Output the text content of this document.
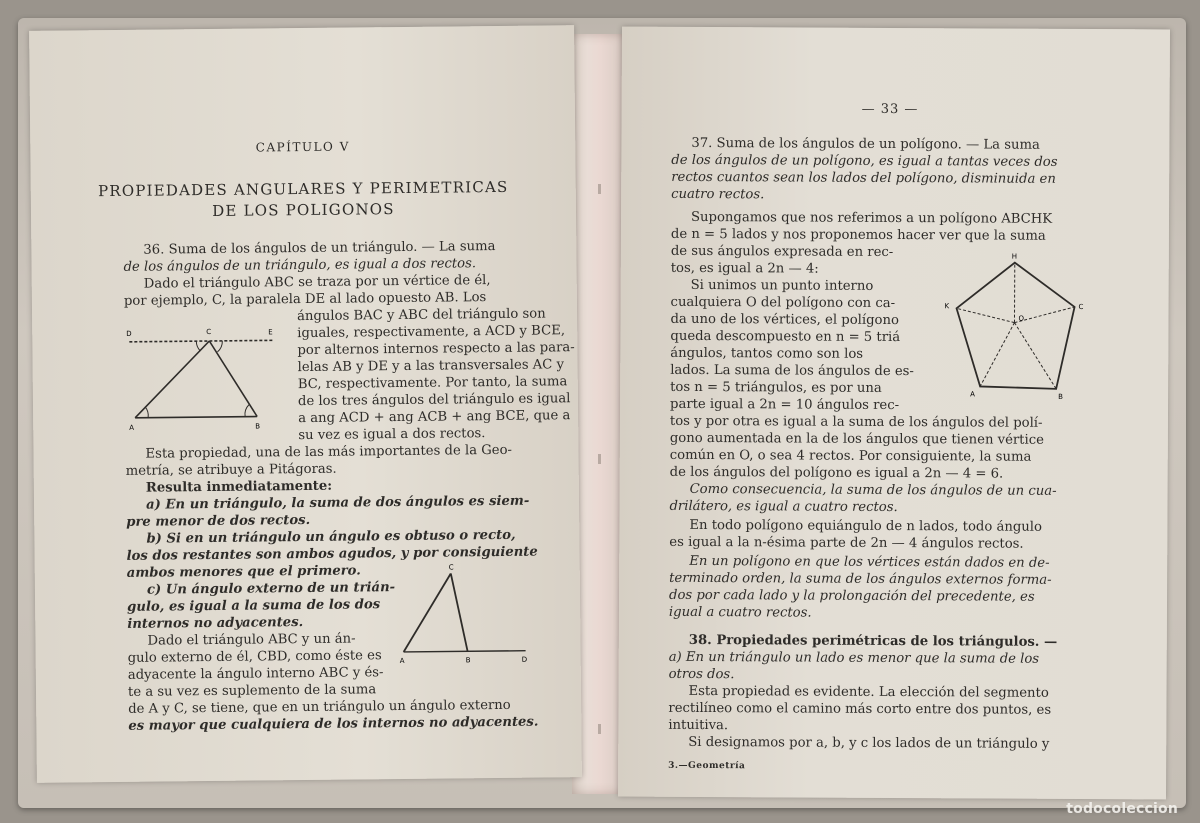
CAPÍTULO V
PROPIEDADES ANGULARES Y PERIMETRICAS
DE LOS POLIGONOS
36. Suma de los ángulos de un triángulo. — La suma
de los ángulos de un triángulo, es igual a dos rectos.
Dado el triángulo ABC se traza por un vértice de él,
por ejemplo, C, la paralela DE al lado opuesto AB. Los
ángulos BAC y ABC del triángulo son
iguales, respectivamente, a ACD y BCE,
por alternos internos respecto a las para-
lelas AB y DE y a las transversales AC y
BC, respectivamente. Por tanto, la suma
de los tres ángulos del triángulo es igual
a ang ACD + ang ACB + ang BCE, que a
su vez es igual a dos rectos.
Esta propiedad, una de las más importantes de la Geo-
metría, se atribuye a Pitágoras.
Resulta inmediatamente:
a) En un triángulo, la suma de dos ángulos es siem-
pre menor de dos rectos.
b) Si en un triángulo un ángulo es obtuso o recto,
los dos restantes son ambos agudos, y por consiguiente
ambos menores que el primero.
c) Un ángulo externo de un trián-
gulo, es igual a la suma de los dos
internos no adyacentes.
Dado el triángulo ABC y un án-
gulo externo de él, CBD, como éste es
adyacente la ángulo interno ABC y és-
te a su vez es suplemento de la suma
de A y C, se tiene, que en un triángulo un ángulo externo
es mayor que cualquiera de los internos no adyacentes.
C
D	E
A	B
C
A	B	D
— 33 —
37. Suma de los ángulos de un polígono. — La suma
de los ángulos de un polígono, es igual a tantas veces dos
rectos cuantos sean los lados del polígono, disminuida en
cuatro rectos.
Supongamos que nos referimos a un polígono ABCHK
de n = 5 lados y nos proponemos hacer ver que la suma
de sus ángulos expresada en rec-
tos, es igual a 2n — 4:
Si unimos un punto interno
cualquiera O del polígono con ca-
da uno de los vértices, el polígono
queda descompuesto en n = 5 triá
ángulos, tantos como son los
lados. La suma de los ángulos de es-
tos n = 5 triángulos, es por una
parte igual a 2n = 10 ángulos rec-
tos y por otra es igual a la suma de los ángulos del polí-
gono aumentada en la de los ángulos que tienen vértice
común en O, o sea 4 rectos. Por consiguiente, la suma
de los ángulos del polígono es igual a 2n — 4 = 6.
Como consecuencia, la suma de los ángulos de un cua-
drilátero, es igual a cuatro rectos.
En todo polígono equiángulo de n lados, todo ángulo
es igual a la n-ésima parte de 2n — 4 ángulos rectos.
En un polígono en que los vértices están dados en de-
terminado orden, la suma de los ángulos externos forma-
dos por cada lado y la prolongación del precedente, es
igual a cuatro rectos.
38. Propiedades perimétricas de los triángulos. —
a) En un triángulo un lado es menor que la suma de los
otros dos.
Esta propiedad es evidente. La elección del segmento
rectilíneo como el camino más corto entre dos puntos, es
intuitiva.
Si designamos por a, b, y c los lados de un triángulo y
3.—Geometría
H
K	C
O
A	B
todocoleccion
